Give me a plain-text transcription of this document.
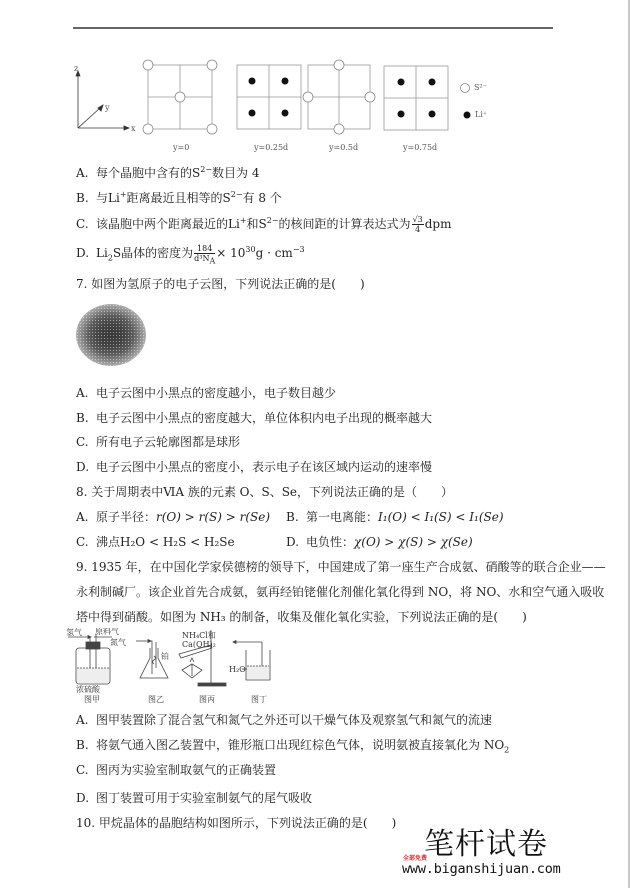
z
y
x
y=0	y=0.25d	y=0.5d	y=0.75d
S²⁻
Li⁺
A. 每个晶胞中含有的$S^{2-}$数目为 4
B. 与Li+距离最近且相等的$S^{2-}$有 8 个
C. 该晶胞中两个距离最近的Li+和$S^{2-}$的核间距的计算表达式为 $\frac{√3}{4}$ dpm
D. $Li_2S$晶体的密度为 $\frac{184}{d^3N_A} \times 10^{30}g \cdot cm^{-3}$
7. 如图为氢原子的电子云图，下列说法正确的是(　　)
A. 电子云图中小黑点的密度越小，电子数目越少
B. 电子云图中小黑点的密度越大，单位体积内电子出现的概率越大
C. 所有电子云轮廓图都是球形
D. 电子云图中小黑点的密度小，表示电子在该区域内运动的速率慢
8. 关于周期表中ⅥA 族的元素 O、S、Se，下列说法正确的是（　　）
A. 原子半径：r(O) > r(S) > r(Se) B. 第一电离能：I₁(O) < I₁(S) < I₁(Se)
C. 沸点H₂O < H₂S < H₂Se	D. 电负性：χ(O) > χ(S) > χ(Se)
9. 1935 年，在中国化学家侯德榜的领导下，中国建成了第一座生产合成氨、硝酸等的联合企业——
永利制碱厂。该企业首先合成氨，氨再经铂铑催化剂催化氧化得到 NO，将 NO、水和空气通入吸收
塔中得到硝酸。如图为 NH₃ 的制备，收集及催化氧化实验，下列说法正确的是(　　)
氢气 原料气
氮气
浓硫酸
图甲
铂
图乙
NH₄Cl和
Ca(OH)₂
图丙
H₂O
图丁
A. 图甲装置除了混合氢气和氮气之外还可以干燥气体及观察氢气和氮气的流速
B. 将氨气通入图乙装置中，锥形瓶口出现红棕色气体，说明氨被直接氧化为 $NO_2$
C. 图丙为实验室制取氨气的正确装置
D. 图丁装置可用于实验室制氨气的尾气吸收
10. 甲烷晶体的晶胞结构如图所示，下列说法正确的是(　　)
笔杆试卷
全部免费
www.biganshijuan.com
